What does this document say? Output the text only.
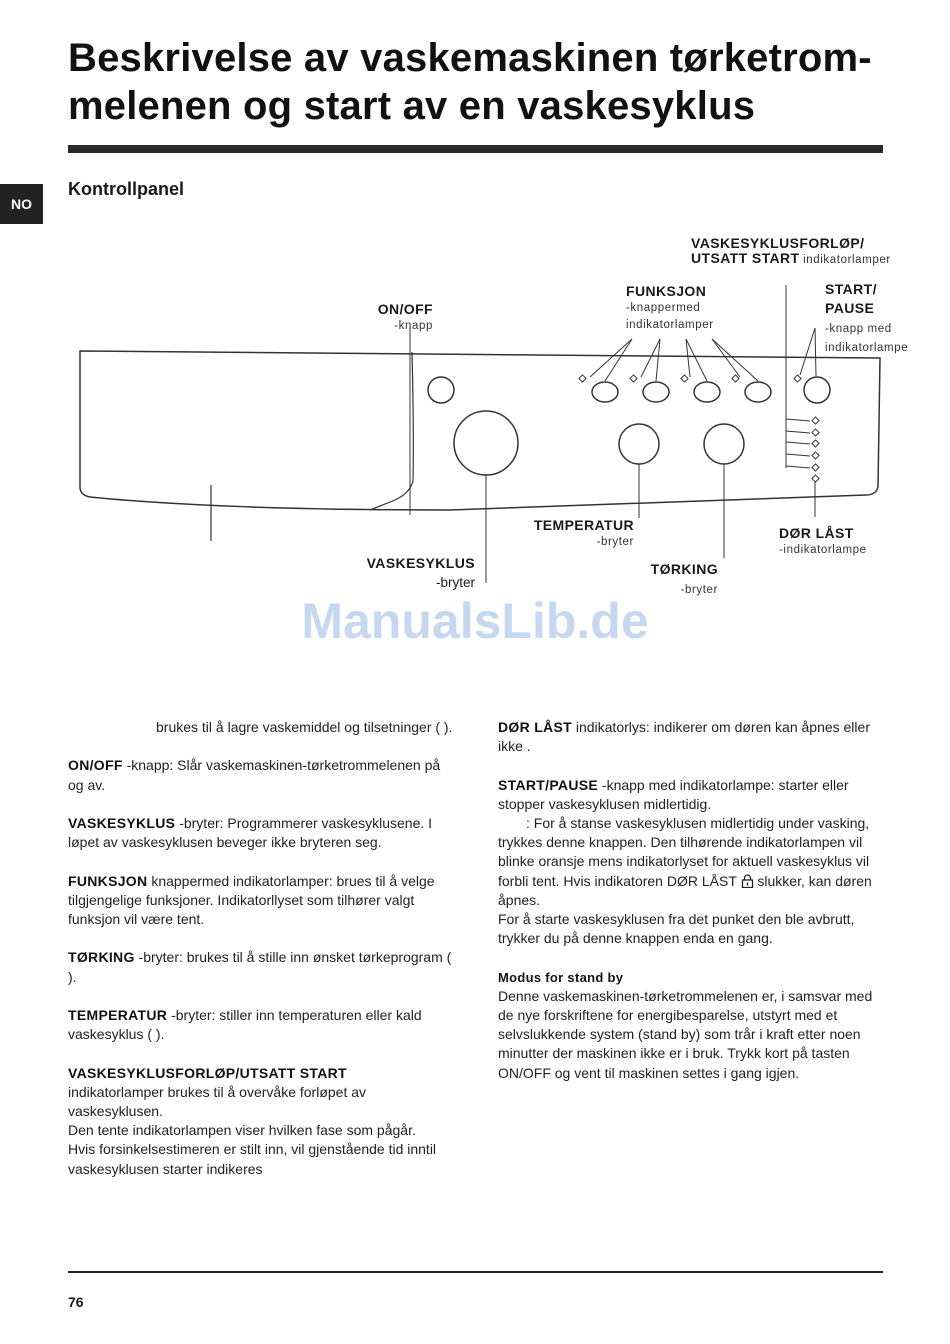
NO
Beskrivelse av vaskemaskinen tørketrom-melenen og start av en vaskesyklus
Kontrollpanel
ON/OFF
-knapp
FUNKSJON
-knappermed
indikatorlamper
VASKESYKLUSFORLØP/
UTSATT START indikatorlamper
START/
PAUSE
-knapp med
indikatorlampe
TEMPERATUR
-bryter
VASKESYKLUS
-bryter
TØRKING
-bryter
DØR LÅST
-indikatorlampe
ManualsLib.de

brukes til å lagre vaskemiddel og tilsetninger ( ).

ON/OFF -knapp: Slår vaskemaskinen-tørketrommelenen på og av.

VASKESYKLUS -bryter: Programmerer vaskesyklusene. I løpet av vaskesyklusen beveger ikke bryteren seg.

FUNKSJON knappermed indikatorlamper: brues til å velge tilgjengelige funksjoner. Indikatorllyset som tilhører valgt funksjon vil være tent.

TØRKING -bryter: brukes til å stille inn ønsket tørkeprogram ( ).

TEMPERATUR -bryter: stiller inn temperaturen eller kald vaskesyklus ( ).

VASKESYKLUSFORLØP/UTSATT START
indikatorlamper brukes til å overvåke forløpet av vaskesyklusen.
Den tente indikatorlampen viser hvilken fase som pågår.
Hvis forsinkelsestimeren er stilt inn, vil gjenstående tid inntil vaskesyklusen starter indikeres

DØR LÅST indikatorlys: indikerer om døren kan åpnes eller ikke .

START/PAUSE -knapp med indikatorlampe: starter eller stopper vaskesyklusen midlertidig.

: For å stanse vaskesyklusen midlertidig under vasking, trykkes denne knappen. Den tilhørende indikatorlampen vil blinke oransje mens indikatorlyset for aktuell vaskesyklus vil forbli tent. Hvis indikatoren DØR LÅST slukker, kan døren åpnes.

For å starte vaskesyklusen fra det punket den ble avbrutt, trykker du på denne knappen enda en gang.

Modus for stand by
Denne vaskemaskinen-tørketrommelenen er, i samsvar med de nye forskriftene for energibesparelse, utstyrt med et selvslukkende system (stand by) som trår i kraft etter noen minutter der maskinen ikke er i bruk. Trykk kort på tasten ON/OFF og vent til maskinen settes i gang igjen.

76
